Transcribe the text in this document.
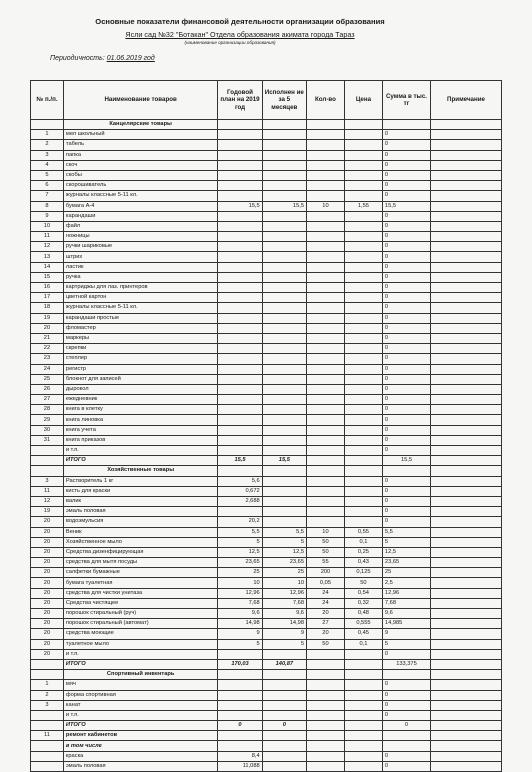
Основные показатели финансовой деятельности организации образования
Ясли сад №32 "Ботакан" Отдела образования акимата города Тараз
(наименование организации образования)
Периодичность: 01.06.2019 год
№ п./п.	Наименование товаров	Годовой план на 2019 год	Исполнен ие за 5 месяцев	Кол-во	Цена	Сумма в тыс. тг	Примечание
	Канцелярские товары						
1	мел школьный					0	
2	табель					0	
3	папка					0	
4	скоч					0	
5	скобы					0	
6	скорошиватель					0	
7	журналы классные 5-11 кл.					0	
8	бумага А-4	15,5	15,5	10	1,55	15,5	
9	карандаши					0	
10	файл					0	
11	ножницы					0	
12	ручки шариковые					0	
13	штрих					0	
14	ластик					0	
15	ручка					0	
16	картриджы для лаз. принтеров					0	
17	цветной картон					0	
18	журналы классные 5-11 кл.					0	
19	карандаши простые					0	
20	фломастер					0	
21	маркеры					0	
22	скрепки					0	
23	степлер					0	
24	регистр					0	
25	блокнот для записей					0	
26	дырокол					0	
27	ежедневник					0	
28	книга в клетку					0	
29	книга линовка					0	
30	книга учета					0	
31	книга приказов					0	
	и т.п.					0	
	ИТОГО	15,5	15,5			15,5	
	Хозяйственные товары						
3	Растворитель 1 кг	5,6				0	
11	кисть для краски	0,672				0	
12	валик	2,688				0	
19	эмаль половая					0	
20	водоэмульсия	20,2				0	
20	Веник	5,5	5,5	10	0,55	5,5	
20	Хозяйственное мыло	5	5	50	0,1	5	
20	Средства дизенфицирующая	12,5	12,5	50	0,25	12,5	
20	средства для мытя посуды	23,65	23,65	55	0,43	23,65	
20	салфетки бумажные	25	25	200	0,125	25	
20	бумага туалетная	10	10	0,05	50	2,5	
20	средства для чистки унитаза	12,96	12,96	24	0,54	12,96	
20	Средства чистящее	7,68	7,68	24	0,32	7,68	
20	порошок стиральный (руч)	9,6	9,6	20	0,48	9,6	
20	порошок стиральный (автомат)	14,98	14,98	27	0,555	14,985	
20	средства моющие	9	9	20	0,45	9	
20	туалетное мыло	5	5	50	0,1	5	
20	и т.п.					0	
	ИТОГО	170,03	140,87			133,375	
	Спортивный инвентарь						
1	мяч					0	
2	форма спортивная					0	
3	канат					0	
	и т.п.					0	
	ИТОГО	0	0			0	
11	ремонт кабинетов						
	в том числе						
	краска	8,4				0	
	эмаль половая	11,088				0	
